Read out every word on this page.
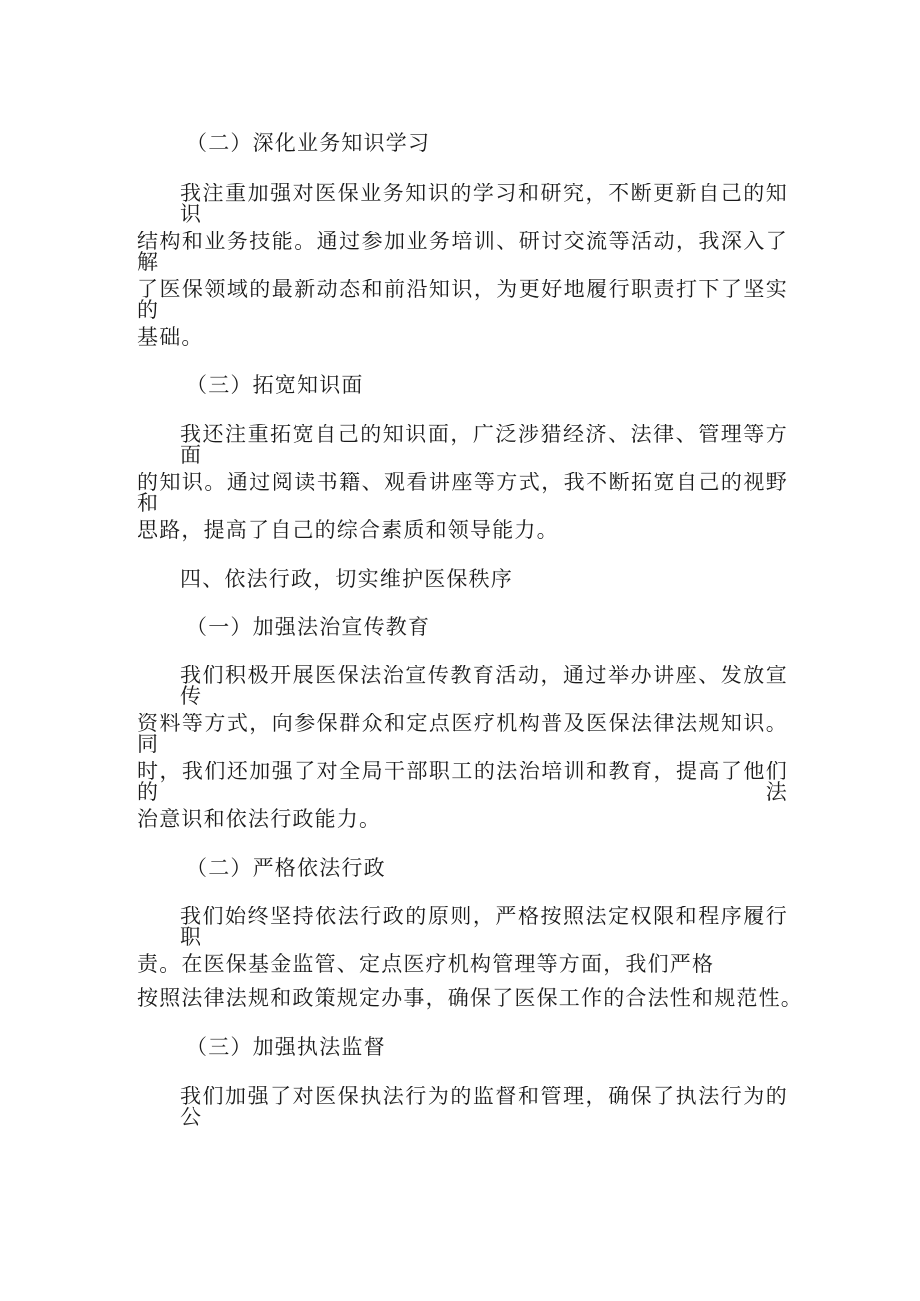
（二）深化业务知识学习
我注重加强对医保业务知识的学习和研究，不断更新自己的知识
结构和业务技能。通过参加业务培训、研讨交流等活动，我深入了解
了医保领域的最新动态和前沿知识，为更好地履行职责打下了坚实的
基础。
（三）拓宽知识面
我还注重拓宽自己的知识面，广泛涉猎经济、法律、管理等方面
的知识。通过阅读书籍、观看讲座等方式，我不断拓宽自己的视野和
思路，提高了自己的综合素质和领导能力。
四、依法行政，切实维护医保秩序
（一）加强法治宣传教育
我们积极开展医保法治宣传教育活动，通过举办讲座、发放宣传
资料等方式，向参保群众和定点医疗机构普及医保法律法规知识。同
时，我们还加强了对全局干部职工的法治培训和教育，提高了他们的法
治意识和依法行政能力。
（二）严格依法行政
我们始终坚持依法行政的原则，严格按照法定权限和程序履行职
责。在医保基金监管、定点医疗机构管理等方面，我们严格
按照法律法规和政策规定办事，确保了医保工作的合法性和规范性。
（三）加强执法监督
我们加强了对医保执法行为的监督和管理，确保了执法行为的公
